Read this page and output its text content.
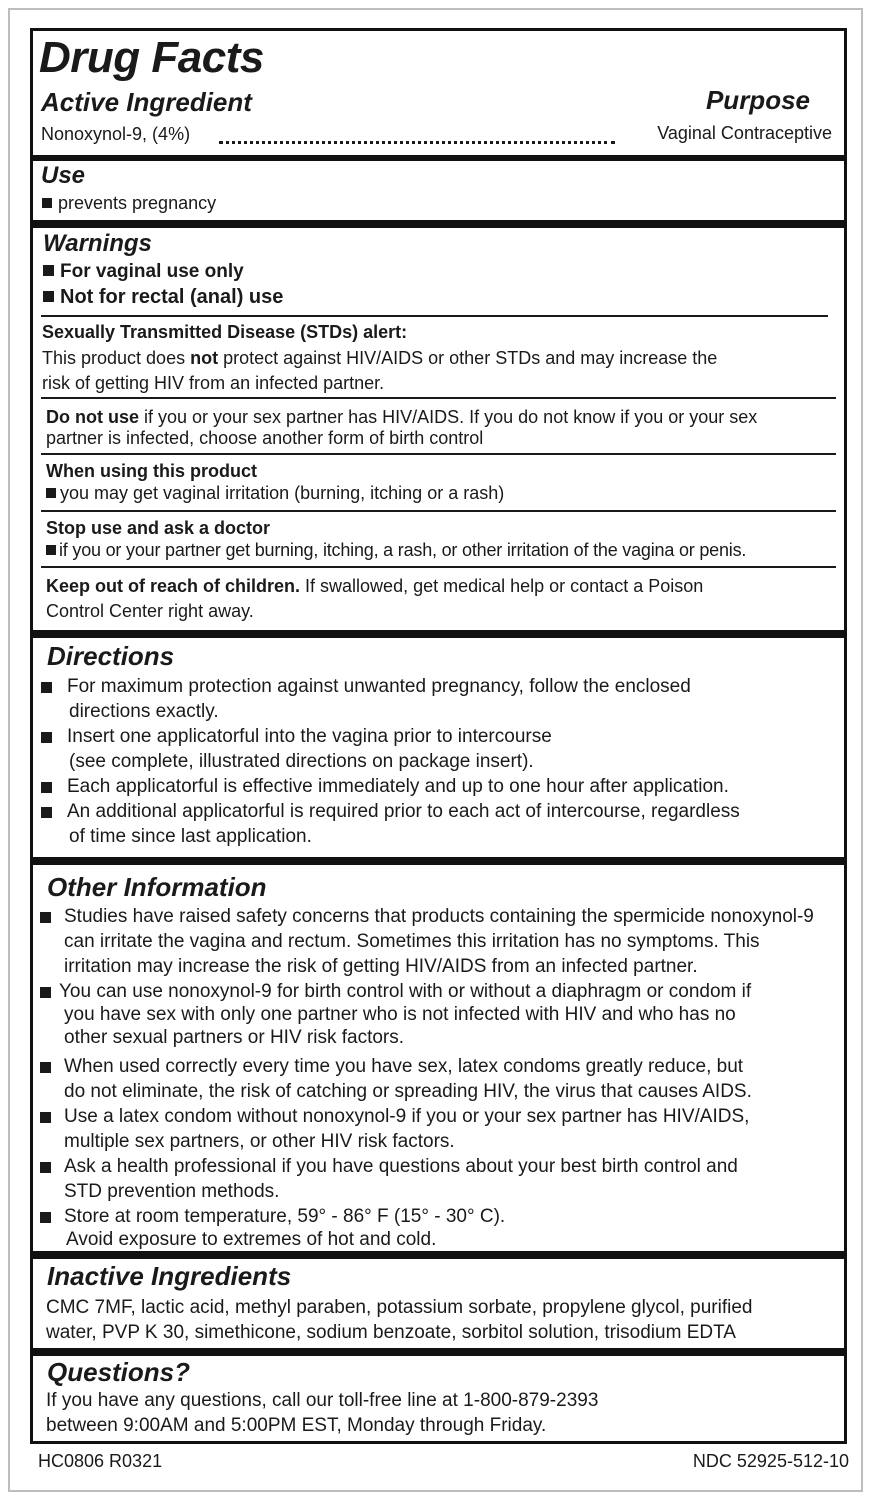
Drug Facts
Active Ingredient	Purpose
Nonoxynol-9, (4%)	Vaginal Contraceptive
Use
prevents pregnancy
Warnings
For vaginal use only
Not for rectal (anal) use
Sexually Transmitted Disease (STDs) alert:
This product does not protect against HIV/AIDS or other STDs and may increase the
risk of getting HIV from an infected partner.
Do not use if you or your sex partner has HIV/AIDS. If you do not know if you or your sex
partner is infected, choose another form of birth control
When using this product
you may get vaginal irritation (burning, itching or a rash)
Stop use and ask a doctor
if you or your partner get burning, itching, a rash, or other irritation of the vagina or penis.
Keep out of reach of children. If swallowed, get medical help or contact a Poison
Control Center right away.
Directions
For maximum protection against unwanted pregnancy, follow the enclosed
directions exactly.
Insert one applicatorful into the vagina prior to intercourse
(see complete, illustrated directions on package insert).
Each applicatorful is effective immediately and up to one hour after application.
An additional applicatorful is required prior to each act of intercourse, regardless
of time since last application.
Other Information
Studies have raised safety concerns that products containing the spermicide nonoxynol-9
can irritate the vagina and rectum. Sometimes this irritation has no symptoms. This
irritation may increase the risk of getting HIV/AIDS from an infected partner.
You can use nonoxynol-9 for birth control with or without a diaphragm or condom if
you have sex with only one partner who is not infected with HIV and who has no
other sexual partners or HIV risk factors.
When used correctly every time you have sex, latex condoms greatly reduce, but
do not eliminate, the risk of catching or spreading HIV, the virus that causes AIDS.
Use a latex condom without nonoxynol-9 if you or your sex partner has HIV/AIDS,
multiple sex partners, or other HIV risk factors.
Ask a health professional if you have questions about your best birth control and
STD prevention methods.
Store at room temperature, 59° - 86° F (15° - 30° C).
Avoid exposure to extremes of hot and cold.
Inactive Ingredients
CMC 7MF, lactic acid, methyl paraben, potassium sorbate, propylene glycol, purified
water, PVP K 30, simethicone, sodium benzoate, sorbitol solution, trisodium EDTA
Questions?
If you have any questions, call our toll-free line at 1-800-879-2393
between 9:00AM and 5:00PM EST, Monday through Friday.
HC0806 R0321	NDC 52925-512-10
